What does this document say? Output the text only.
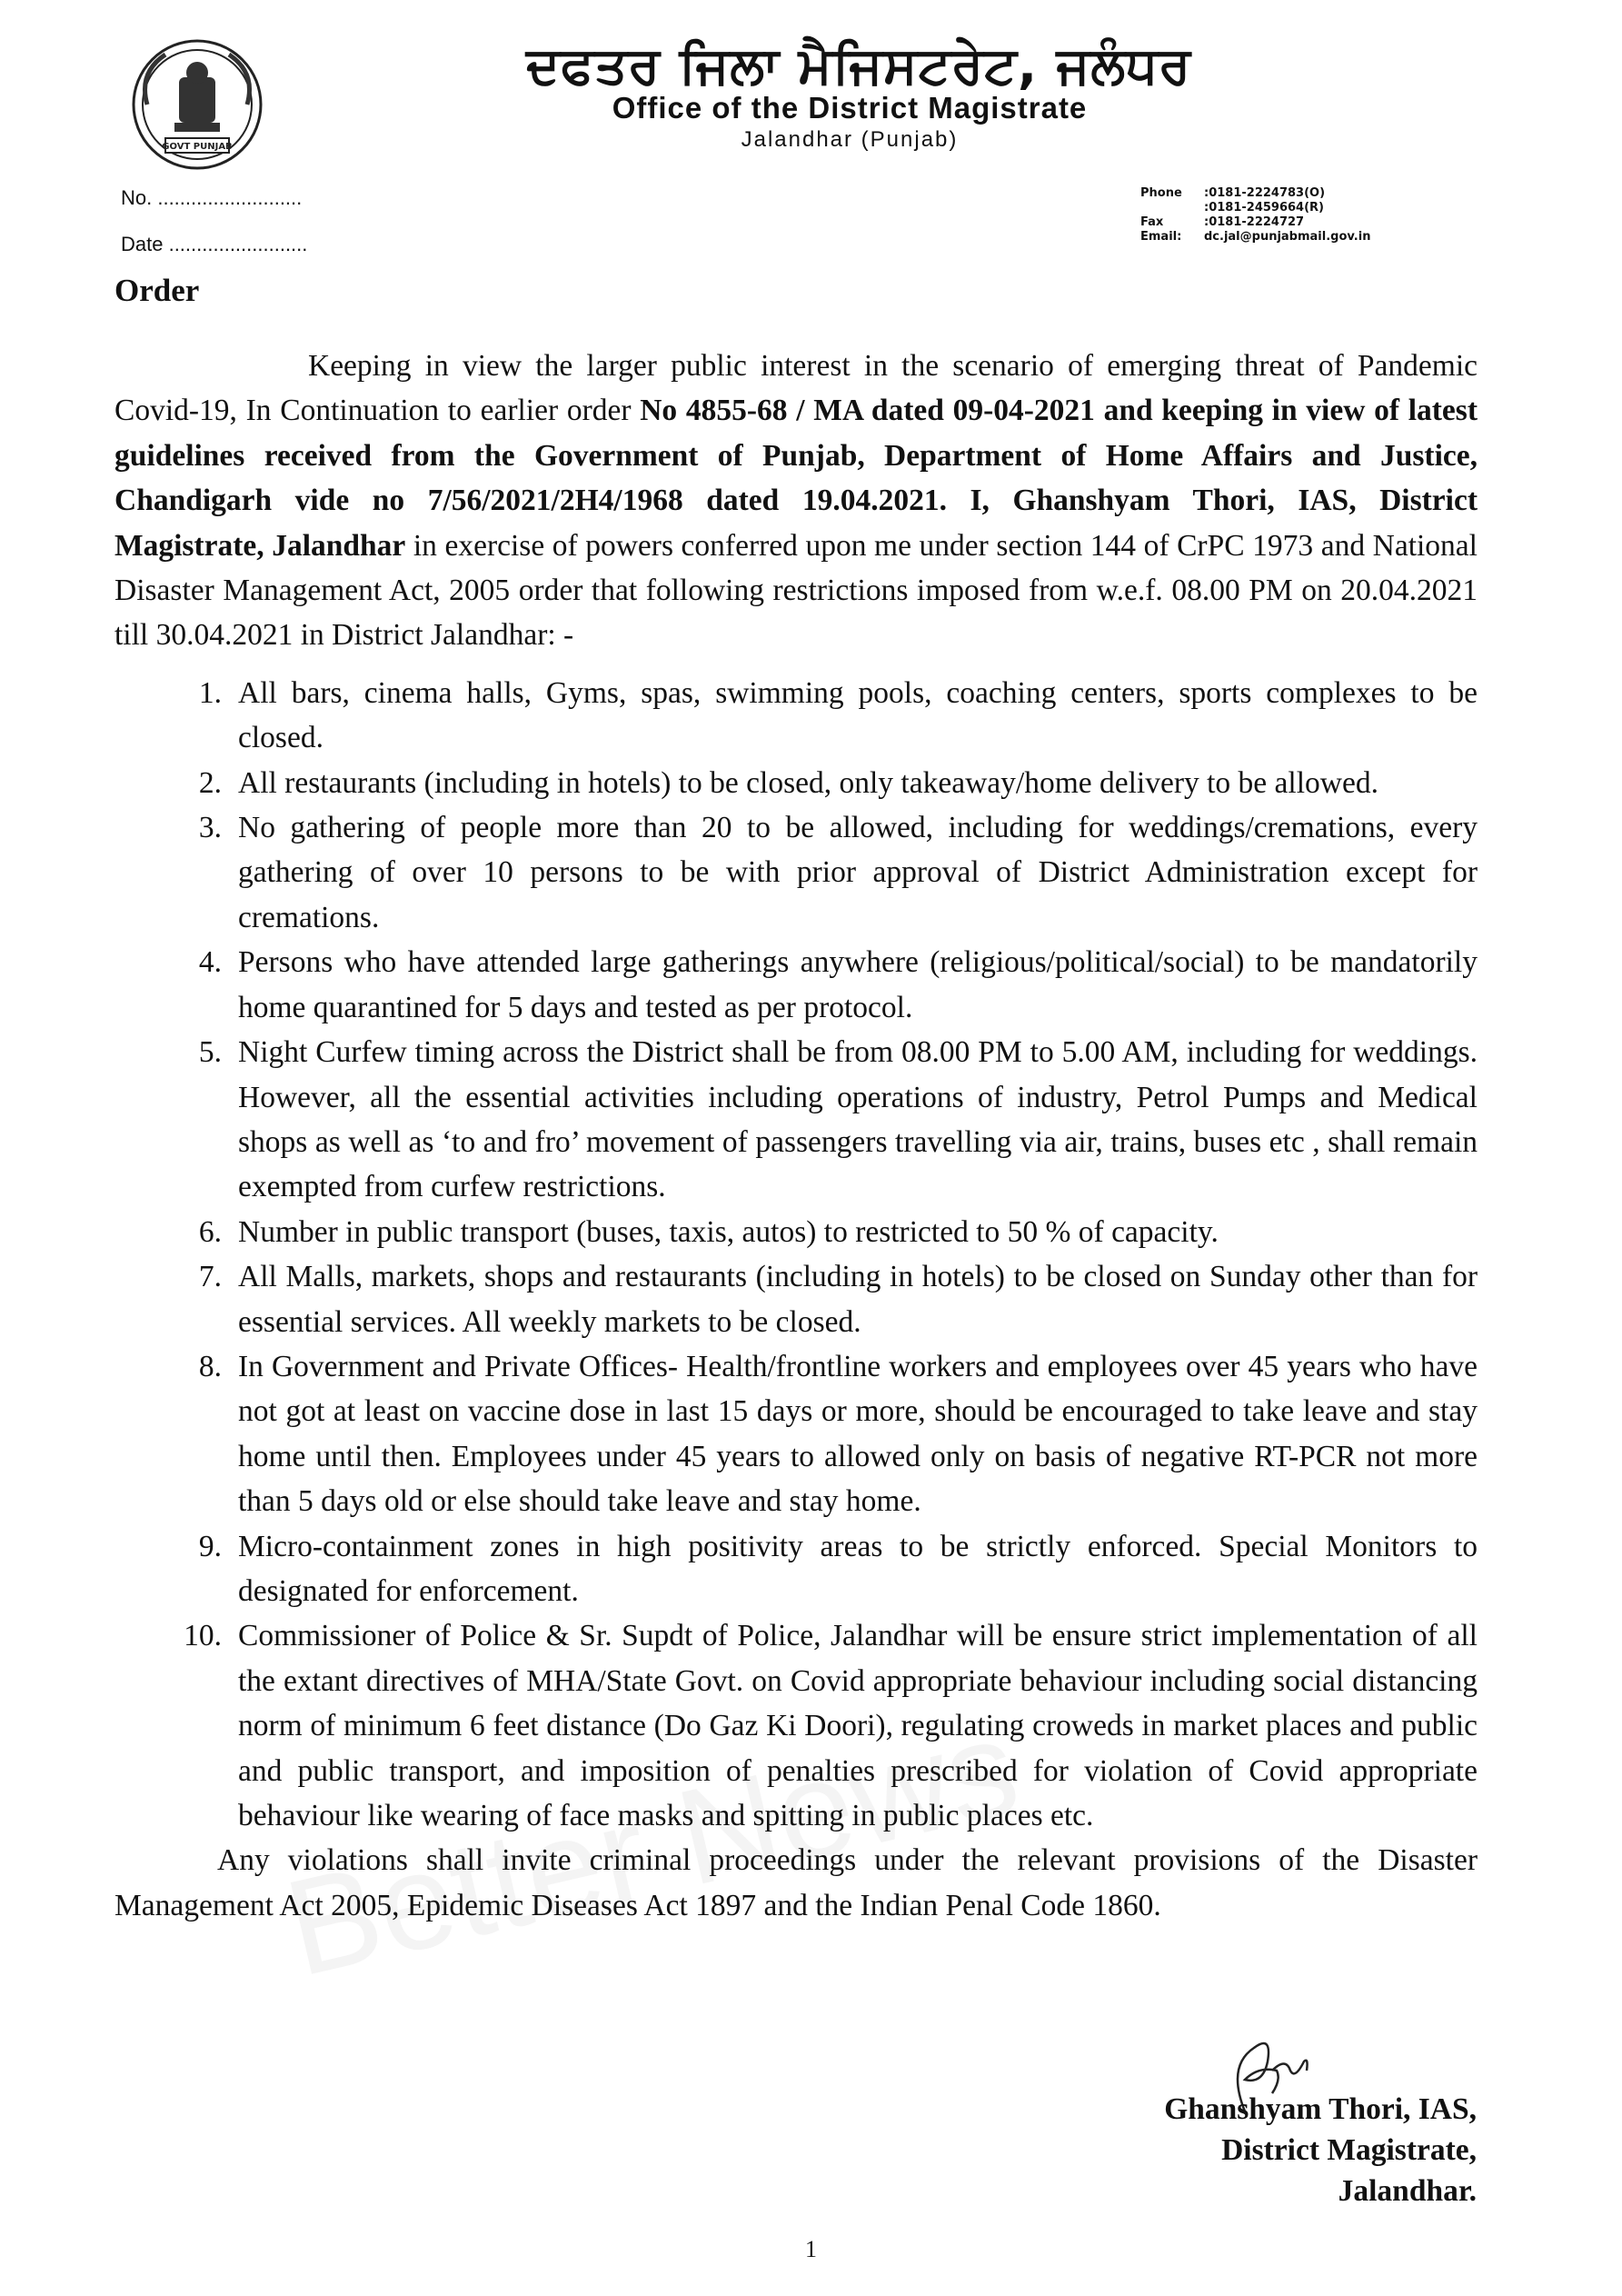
GOVT PUNJAB
ਦਫਤਰ ਜਿਲਾ ਮੈਜਿਸਟਰੇਟ, ਜਲੰਧਰ
Office of the District Magistrate
Jalandhar (Punjab)
No. ..........................
Date .........................
Phone :0181-2224783(O)
:0181-2459664(R)
Fax	:0181-2224727
Email: dc.jal@punjabmail.gov.in
Order

Keeping in view the larger public interest in the scenario of emerging threat of Pandemic Covid-19, In Continuation to earlier order No 4855-68 / MA dated 09-04-2021 and keeping in view of latest guidelines received from the Government of Punjab, Department of Home Affairs and Justice, Chandigarh vide no 7/56/2021/2H4/1968 dated 19.04.2021. I, Ghanshyam Thori, IAS, District Magistrate, Jalandhar in exercise of powers conferred upon me under section 144 of CrPC 1973 and National Disaster Management Act, 2005 order that following restrictions imposed from w.e.f. 08.00 PM on 20.04.2021 till 30.04.2021 in District Jalandhar: -

1. All bars, cinema halls, Gyms, spas, swimming pools, coaching centers, sports complexes to be closed.
2. All restaurants (including in hotels) to be closed, only takeaway/home delivery to be allowed.
3. No gathering of people more than 20 to be allowed, including for weddings/cremations, every gathering of over 10 persons to be with prior approval of District Administration except for cremations.
4. Persons who have attended large gatherings anywhere (religious/political/social) to be mandatorily home quarantined for 5 days and tested as per protocol.
5. Night Curfew timing across the District shall be from 08.00 PM to 5.00 AM, including for weddings. However, all the essential activities including operations of industry, Petrol Pumps and Medical shops as well as ‘to and fro’ movement of passengers travelling via air, trains, buses etc , shall remain exempted from curfew restrictions.
6. Number in public transport (buses, taxis, autos) to restricted to 50 % of capacity.
7. All Malls, markets, shops and restaurants (including in hotels) to be closed on Sunday other than for essential services. All weekly markets to be closed.
8. In Government and Private Offices- Health/frontline workers and employees over 45 years who have not got at least on vaccine dose in last 15 days or more, should be encouraged to take leave and stay home until then. Employees under 45 years to allowed only on basis of negative RT-PCR not more than 5 days old or else should take leave and stay home.
9. Micro-containment zones in high positivity areas to be strictly enforced. Special Monitors to designated for enforcement.
10. Commissioner of Police & Sr. Supdt of Police, Jalandhar will be ensure strict implementation of all the extant directives of MHA/State Govt. on Covid appropriate behaviour including social distancing norm of minimum 6 feet distance (Do Gaz Ki Doori), regulating croweds in market places and public and public transport, and imposition of penalties prescribed for violation of Covid appropriate behaviour like wearing of face masks and spitting in public places etc.

Any violations shall invite criminal proceedings under the relevant provisions of the Disaster Management Act 2005, Epidemic Diseases Act 1897 and the Indian Penal Code 1860.

Ghanshyam Thori, IAS,
District Magistrate,
Jalandhar.
1
